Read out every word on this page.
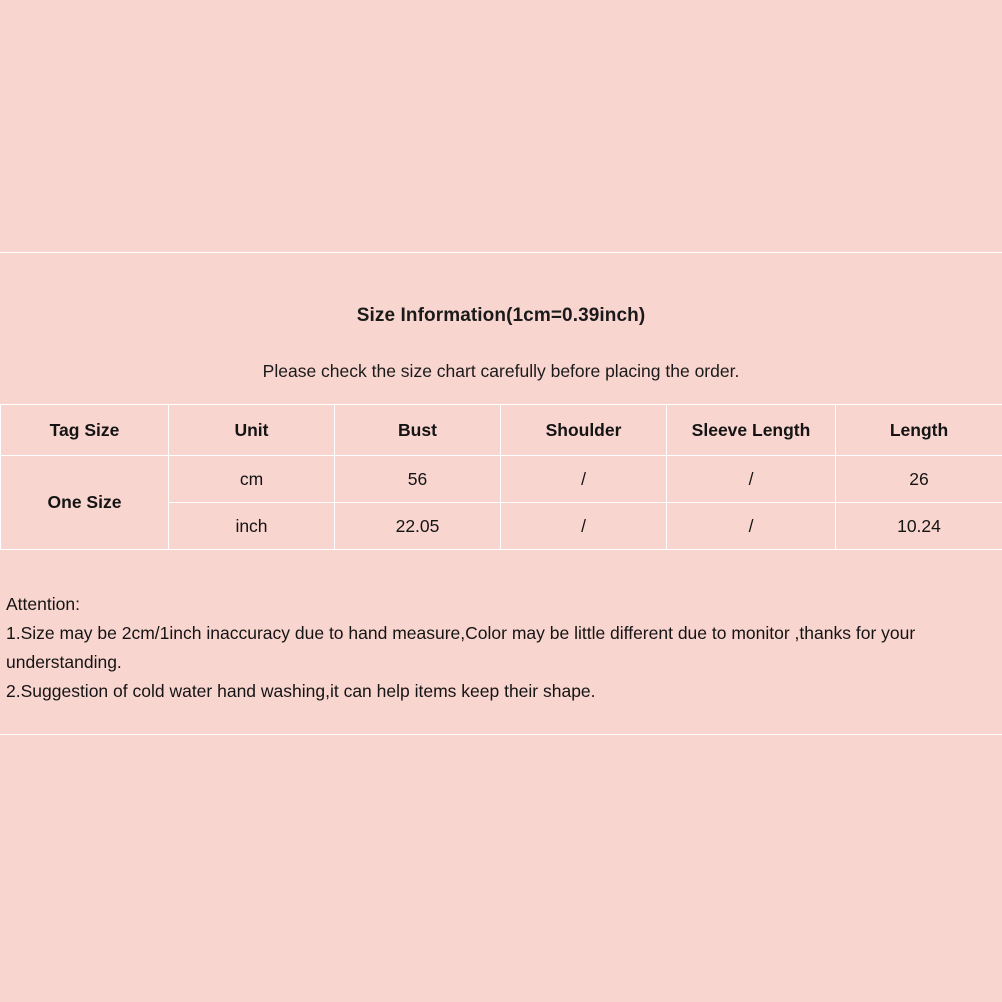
Size Information(1cm=0.39inch)
Please check the size chart carefully before placing the order.
Tag Size	Unit	Bust	Shoulder	Sleeve Length	Length
One Size	cm	56	/	/	26
	inch	22.05	/	/	10.24
Attention:
1.Size may be 2cm/1inch inaccuracy due to hand measure,Color may be little different due to monitor ,thanks for your understanding.
2.Suggestion of cold water hand washing,it can help items keep their shape.
